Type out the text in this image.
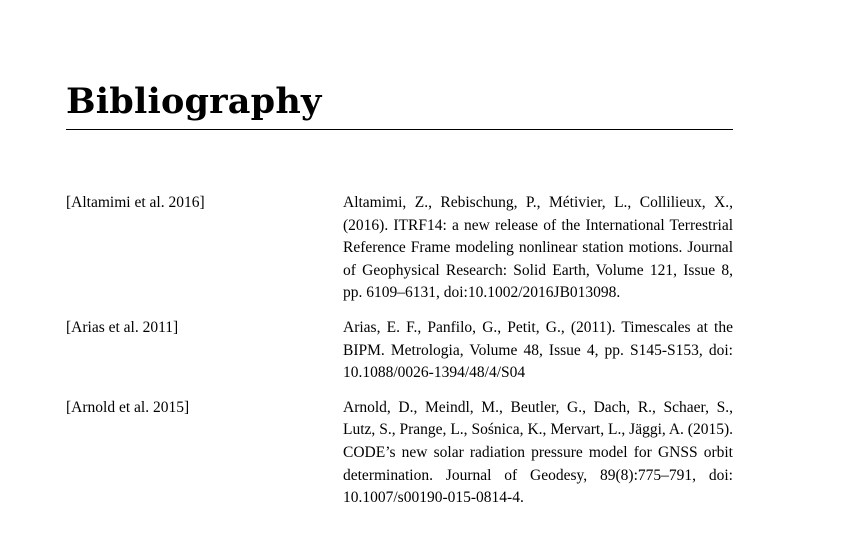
Bibliography
[Altamimi et al. 2016]	Altamimi, Z., Rebischung, P., Métivier, L., Collilieux, X., (2016). ITRF14: a new release of the International Terrestrial Reference Frame modeling nonlinear station motions. Journal of Geophysical Research: Solid Earth, Volume 121, Issue 8, pp. 6109–6131, doi:10.1002/2016JB013098.
[Arias et al. 2011]	Arias, E. F., Panfilo, G., Petit, G., (2011). Timescales at the BIPM. Metrologia, Volume 48, Issue 4, pp. S145-S153, doi: 10.1088/0026-1394/48/4/S04
[Arnold et al. 2015]	Arnold, D., Meindl, M., Beutler, G., Dach, R., Schaer, S., Lutz, S., Prange, L., Sośnica, K., Mervart, L., Jäggi, A. (2015). CODE’s new solar radiation pressure model for GNSS orbit determination. Journal of Geodesy, 89(8):775–791, doi: 10.1007/s00190-015-0814-4.
